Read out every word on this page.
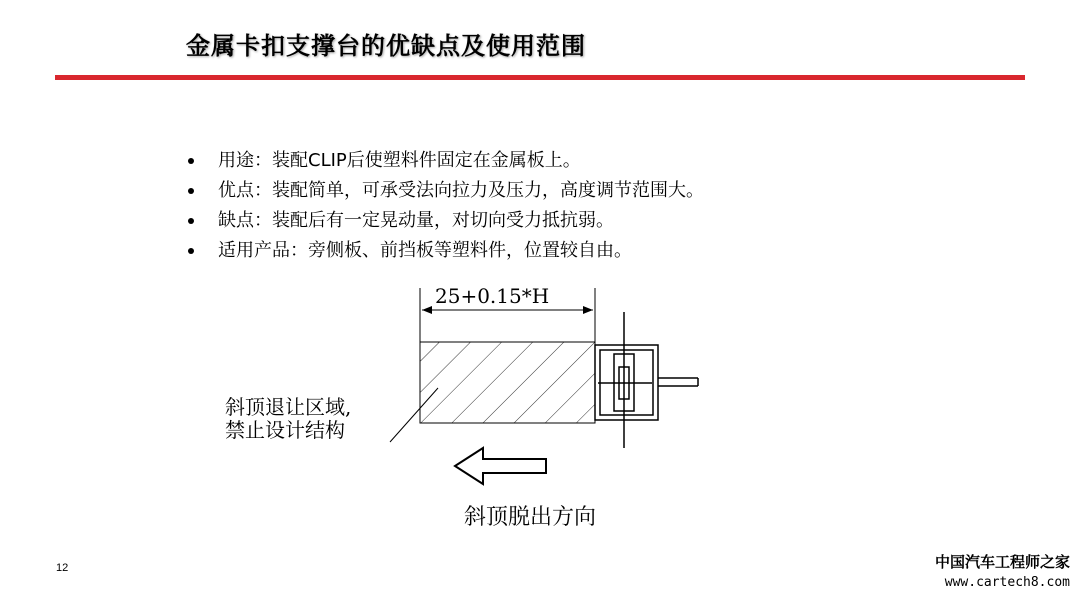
金属卡扣支撑台的优缺点及使用范围
用途：装配CLIP后使塑料件固定在金属板上。
优点：装配简单，可承受法向拉力及压力，高度调节范围大。
缺点：装配后有一定晃动量，对切向受力抵抗弱。
适用产品：旁侧板、前挡板等塑料件，位置较自由。
25+0.15*H
斜顶退让区域,
禁止设计结构
斜顶脱出方向
12	中国汽车工程师之家
www.cartech8.com
